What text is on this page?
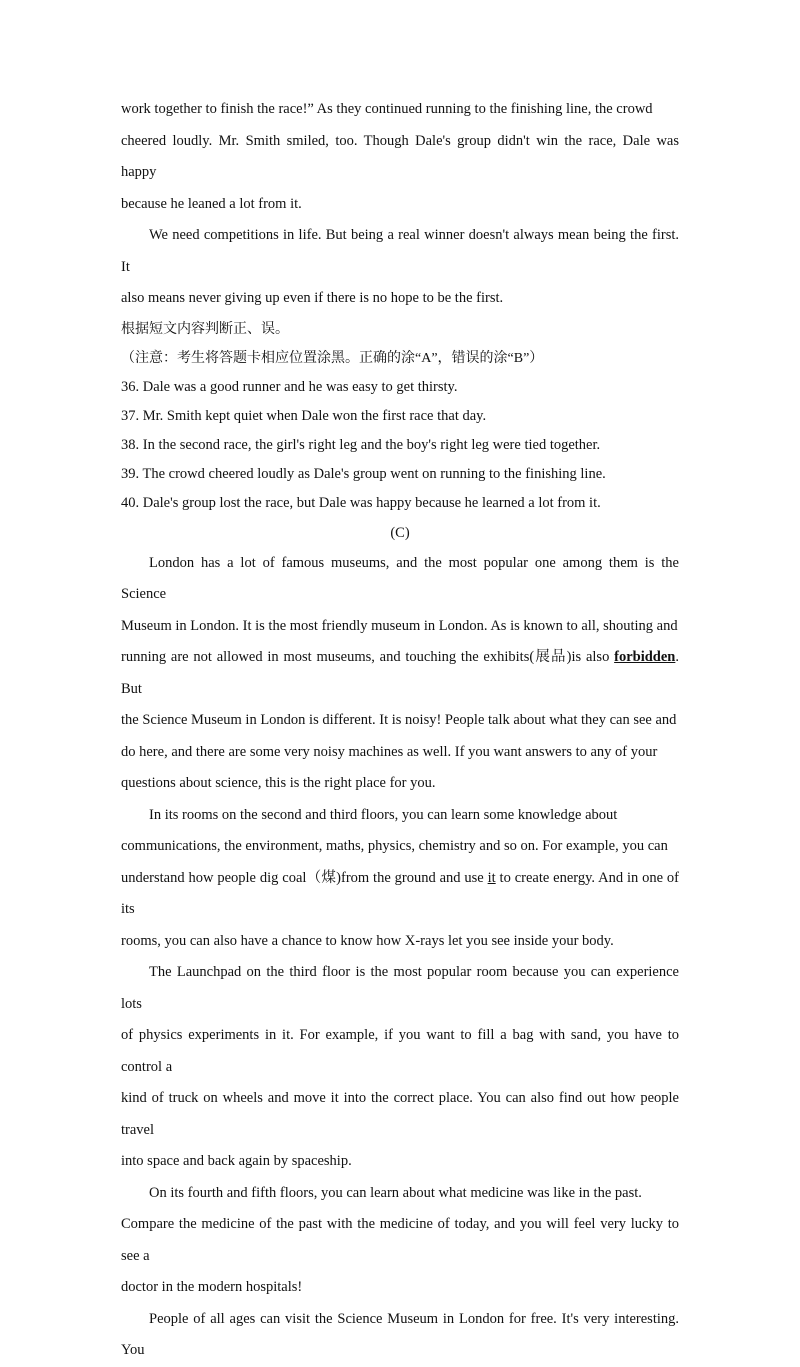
work together to finish the race!” As they continued running to the finishing line, the crowd

cheered loudly. Mr. Smith smiled, too. Though Dale's group didn't win the race, Dale was happy

because he leaned a lot from it.

We need competitions in life. But being a real winner doesn't always mean being the first. It

also means never giving up even if there is no hope to be the first.

根据短文内容判断正、误。

（注意：考生将答题卡相应位置涂黑。正确的涂“A”，错误的涂“B”）

36. Dale was a good runner and he was easy to get thirsty.

37. Mr. Smith kept quiet when Dale won the first race that day.

38. In the second race, the girl's right leg and the boy's right leg were tied together.

39. The crowd cheered loudly as Dale's group went on running to the finishing line.

40. Dale's group lost the race, but Dale was happy because he learned a lot from it.

(C)

London has a lot of famous museums, and the most popular one among them is the Science

Museum in London. It is the most friendly museum in London. As is known to all, shouting and

running are not allowed in most museums, and touching the exhibits(展品)is also forbidden. But

the Science Museum in London is different. It is noisy! People talk about what they can see and

do here, and there are some very noisy machines as well. If you want answers to any of your

questions about science, this is the right place for you.

In its rooms on the second and third floors, you can learn some knowledge about

communications, the environment, maths, physics, chemistry and so on. For example, you can

understand how people dig coal（煤)from the ground and use it to create energy. And in one of its

rooms, you can also have a chance to know how X-rays let you see inside your body.

The Launchpad on the third floor is the most popular room because you can experience lots

of physics experiments in it. For example, if you want to fill a bag with sand, you have to control a

kind of truck on wheels and move it into the correct place. You can also find out how people travel

into space and back again by spaceship.

On its fourth and fifth floors, you can learn about what medicine was like in the past.

Compare the medicine of the past with the medicine of today, and you will feel very lucky to see a

doctor in the modern hospitals!

People of all ages can visit the Science Museum in London for free. It's very interesting. You
